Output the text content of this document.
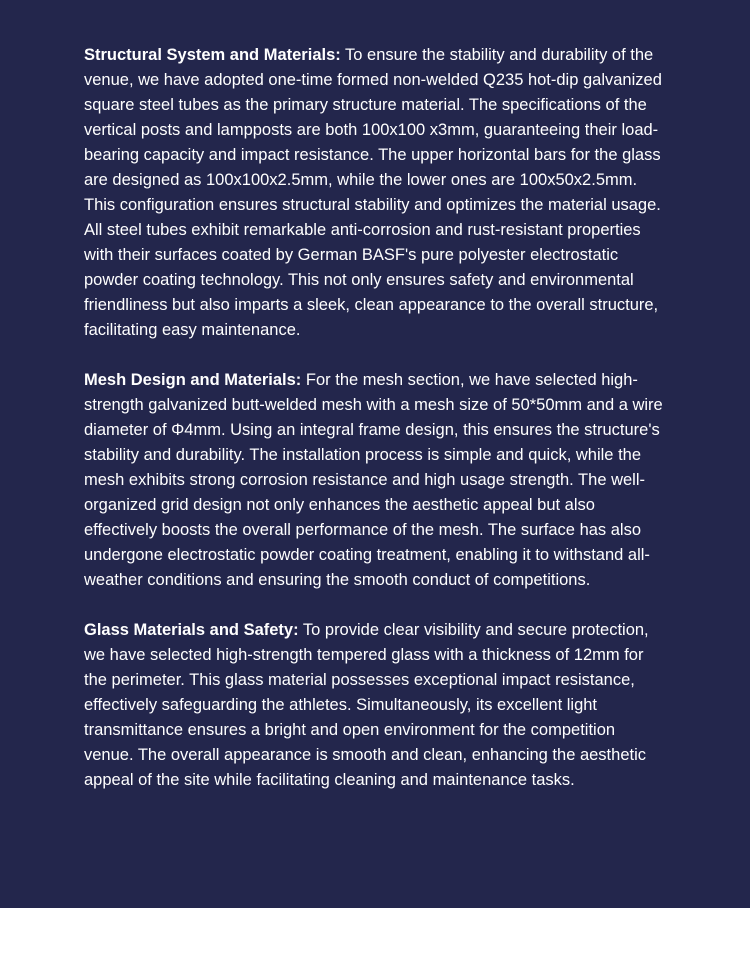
Structural System and Materials: To ensure the stability and durability of the venue, we have adopted one-time formed non-welded Q235 hot-dip galvanized square steel tubes as the primary structure material. The specifications of the vertical posts and lampposts are both 100x100 x3mm, guaranteeing their load-bearing capacity and impact resistance. The upper horizontal bars for the glass are designed as 100x100x2.5mm, while the lower ones are 100x50x2.5mm. This configuration ensures structural stability and optimizes the material usage. All steel tubes exhibit remarkable anti-corrosion and rust-resistant properties with their surfaces coated by German BASF's pure polyester electrostatic powder coating technology. This not only ensures safety and environmental friendliness but also imparts a sleek, clean appearance to the overall structure, facilitating easy maintenance.

Mesh Design and Materials: For the mesh section, we have selected high-strength galvanized butt-welded mesh with a mesh size of 50*50mm and a wire diameter of Φ4mm. Using an integral frame design, this ensures the structure's stability and durability. The installation process is simple and quick, while the mesh exhibits strong corrosion resistance and high usage strength. The well-organized grid design not only enhances the aesthetic appeal but also effectively boosts the overall performance of the mesh. The surface has also undergone electrostatic powder coating treatment, enabling it to withstand all-weather conditions and ensuring the smooth conduct of competitions.

Glass Materials and Safety: To provide clear visibility and secure protection, we have selected high-strength tempered glass with a thickness of 12mm for the perimeter. This glass material possesses exceptional impact resistance, effectively safeguarding the athletes. Simultaneously, its excellent light transmittance ensures a bright and open environment for the competition venue. The overall appearance is smooth and clean, enhancing the aesthetic appeal of the site while facilitating cleaning and maintenance tasks.
